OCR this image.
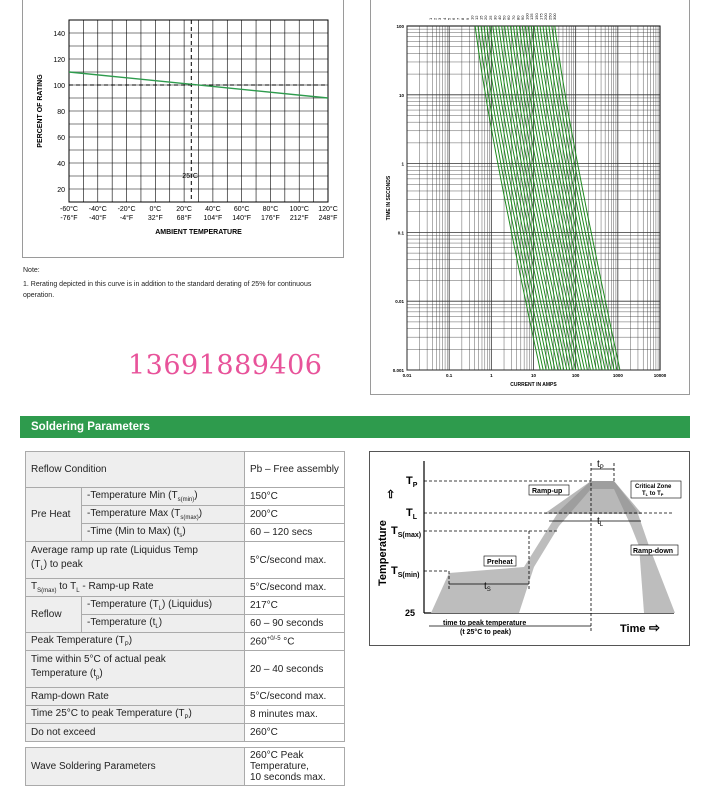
20
40
60
80
100
120
140
-60°C
-76°F
-40°C
-40°F
-20°C
-4°F
0°C
32°F
20°C
68°F
40°C
104°F
60°C
140°F
80°C
176°F
100°C
212°F
120°C
248°F
25°C
AMBIENT TEMPERATURE
PERCENT OF RATING
Note:
1. Rerating depicted in this curve is in addition to the standard derating of 25% for continuous operation.
13691889406	0.01	0.1	1	10	100	1000	10000
100
10
1
0.1
0.01
0.001
CURRENT IN AMPS
TIME IN SECONDS
1 2 3 4 5 6 7 8 9 10 12 15 20 25 30 40 50 60 70 80 90 100 125 150 175 200 250 300
Soldering Parameters
Reflow Condition		Pb – Free assembly
Pre Heat	-Temperature Min $(T_{s(min)})$	150°C
	-Temperature Max $(T_{s(max)})$	200°C
	-Time (Min to Max) $(t_s)$	60 – 120 secs
Average ramp up rate (Liquidus Temp
$(T_L)$ to peak		5°C/second max.
$T_{S(max)}$ to $T_L$ - Ramp-up Rate		5°C/second max.
Reflow	-Temperature $(T_L)$ (Liquidus)	217°C
	-Temperature $(t_L)$	60 – 90 seconds
Peak Temperature $(T_P)$		$260^{+0/-5}$ °C
Time within 5°C of actual peak
Temperature $(t_p)$		20 – 40 seconds
Ramp-down Rate		5°C/second max.
Time 25°C to peak Temperature $(T_P)$		8 minutes max.
Do not exceed		260°C

Wave Soldering Parameters		260°C Peak
Temperature,
10 seconds max.
$T_P$
$T_L$
$T_{S(max)}$
$T_{S(min)}$
25
Temperature
⇧	Ramp-up
Ramp-down
Preheat
Critical Zone
TL to TP
$t_S$
$t_L$
$t_P$
time to peak temperature
(t 25°C to peak)	Time ⇨
